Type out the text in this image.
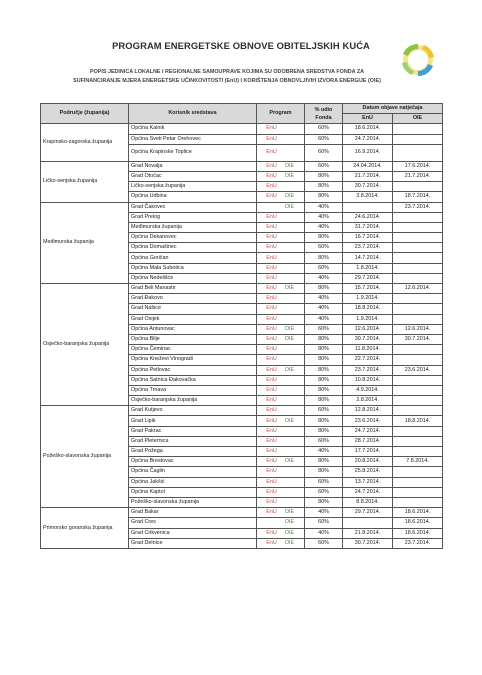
PROGRAM ENERGETSKE OBNOVE OBITELJSKIH KUĆA
POPIS JEDINICA LOKALNE I REGIONALNE SAMOUPRAVE KOJIMA SU ODOBRENA SREDSTVA FONDA ZA
SUFINANCIRANJE MJERA ENERGETSKE UČINKOVITOSTI (EnU) I KORIŠTENJA OBNOVLJIVIH IZVORA ENERGIJE (OIE)
Područje (županija)	Korisnik sredstava	Program	% udio Fonda	Datum objave natječaja	
				EnU	OIE

Krapinsko-zagorska županija	Općina Kalnik	EnU	60%	18.6.2014.	
	Općina Sveti Petar Orehovec	EnU	60%	24.7.2014.	
	Općina Krapinske Toplice	EnU	60%	16.9.2014.	

Ličko-senjska županija	Grad Novalja	EnU OIE	60%	24.04.2014.	17.6.2014.
	Grad Otočac	EnU OIE	80%	21.7.2014.	21.7.2014.
	Ličko-senjska županija	EnU	80%	30.7.2014.	
	Općina Udbina	EnU OIE	80%	3.8.2014.	18.7.2014.

Međimurska županija	Grad Čakovec	OIE	40%		23.7.2014.
	Grad Prelog	EnU	40%	24.6.2014.	
	Međimurska županija	EnU	40%	31.7.2014.	
	Općina Dekanovec	EnU	80%	16.7.2014.	
	Općina Domašinec	EnU	60%	23.7.2014.	
	Općina Goričan	EnU	80%	14.7.2014.	
	Općina Mala Subotica	EnU	60%	1.8.2014.	
	Općina Nedelišće	EnU	40%	29.7.2014.	

Osječko-baranjska županija	Grad Beli Manastir	EnU OIE	80%	15.7.2014.	12.6.2014.
	Grad Đakovo	EnU	40%	1.9.2014.	
	Grad Našice	EnU	40%	18.8.2014.	
	Grad Osijek	EnU	40%	1.9.2014.	
	Općina Antunovac	EnU OIE	60%	12.6.2014.	12.6.2014.
	Općina Bilje	EnU OIE	80%	30.7.2014.	30.7.2014.
	Općina Čeminac	EnU	80%	11.8.2014.	
	Općina Kneževi Vinogradi	EnU	80%	22.7.2014.	
	Općina Petlovac	EnU OIE	80%	23.7.2014.	23.6.2014.
	Općina Satnica Đakovačka	EnU	80%	10.8.2014.	
	Općina Trnava	EnU	80%	4.9.2014.	
	Osječko-baranjska županija	EnU	80%	2.8.2014.	

Požeško-slavonska županija	Grad Kutjevo	EnU	60%	12.8.2014.	
	Grad Lipik	EnU OIE	80%	23.6.2014.	18.8.2014.
	Grad Pakrac	EnU	80%	24.7.2014.	
	Grad Pleternica	EnU	60%	28.7.2014.	
	Grad Požega	EnU	40%	17.7.2014.	
	Općina Brestovac	EnU OIE	80%	20.8.2014.	7.8.2014.
	Općina Čaglin	EnU	80%	25.8.2014.	
	Općina Jakšić	EnU	60%	13.7.2014.	
	Općina Kaptol	EnU	60%	24.7.2014.	
	Požeško-slavonska županija	EnU	80%	8.8.2014.	

Primorsko goranska županija	Grad Bakar	EnU OIE	40%	29.7.2014.	18.6.2014.
	Grad Cres	OIE	60%		18.6.2014.
	Grad Crikvenica	EnU OIE	40%	21.8.2014.	18.6.2014.
	Grad Delnice	EnU OIE	60%	30.7.2014.	23.7.2014.
